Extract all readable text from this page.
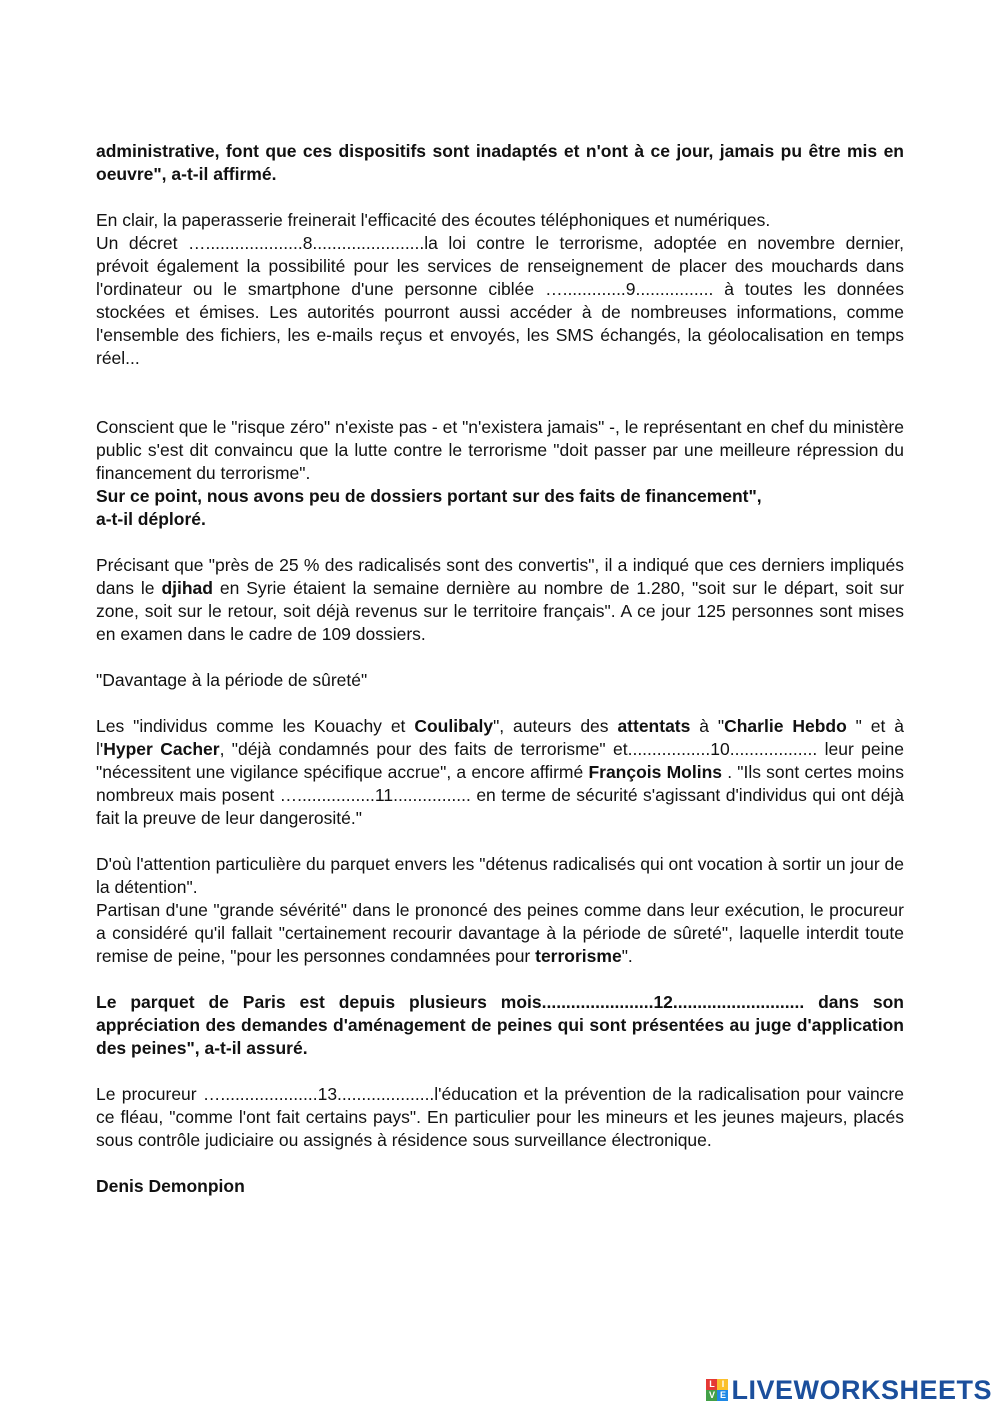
administrative, font que ces dispositifs sont inadaptés et n'ont à ce jour, jamais pu être mis en oeuvre", a-t-il affirmé.

En clair, la paperasserie freinerait l'efficacité des écoutes téléphoniques et numériques.

Un décret …....................8.......................la loi contre le terrorisme, adoptée en novembre dernier, prévoit également la possibilité pour les services de renseignement de placer des mouchards dans l'ordinateur ou le smartphone d'une personne ciblée ….............9................ à toutes les données stockées et émises. Les autorités pourront aussi accéder à de nombreuses informations, comme l'ensemble des fichiers, les e-mails reçus et envoyés, les SMS échangés, la géolocalisation en temps réel...

Conscient que le "risque zéro" n'existe pas - et "n'existera jamais" -, le représentant en chef du ministère public s'est dit convaincu que la lutte contre le terrorisme "doit passer par une meilleure répression du financement du terrorisme".

Sur ce point, nous avons peu de dossiers portant sur des faits de financement",

a-t-il déploré.

Précisant que "près de 25 % des radicalisés sont des convertis", il a indiqué que ces derniers impliqués dans le djihad en Syrie étaient la semaine dernière au nombre de 1.280, "soit sur le départ, soit sur zone, soit sur le retour, soit déjà revenus sur le territoire français". A ce jour 125 personnes sont mises en examen dans le cadre de 109 dossiers.

"Davantage à la période de sûreté"

Les "individus comme les Kouachy et Coulibaly", auteurs des attentats à "Charlie Hebdo " et à l'Hyper Cacher, "déjà condamnés pour des faits de terrorisme" et.................10.................. leur peine "nécessitent une vigilance spécifique accrue", a encore affirmé François Molins . "Ils sont certes moins nombreux mais posent …................11................ en terme de sécurité s'agissant d'individus qui ont déjà fait la preuve de leur dangerosité."

D'où l'attention particulière du parquet envers les "détenus radicalisés qui ont vocation à sortir un jour de la détention".

Partisan d'une "grande sévérité" dans le prononcé des peines comme dans leur exécution, le procureur a considéré qu'il fallait "certainement recourir davantage à la période de sûreté", laquelle interdit toute remise de peine, "pour les personnes condamnées pour terrorisme".

Le parquet de Paris est depuis plusieurs mois.......................12........................... dans son appréciation des demandes d'aménagement de peines qui sont présentées au juge d'application des peines", a-t-il assuré.

Le procureur …....................13....................l'éducation et la prévention de la radicalisation pour vaincre ce fléau, "comme l'ont fait certains pays". En particulier pour les mineurs et les jeunes majeurs, placés sous contrôle judiciaire ou assignés à résidence sous surveillance électronique.

Denis Demonpion

L I
V E LIVEWORKSHEETS
